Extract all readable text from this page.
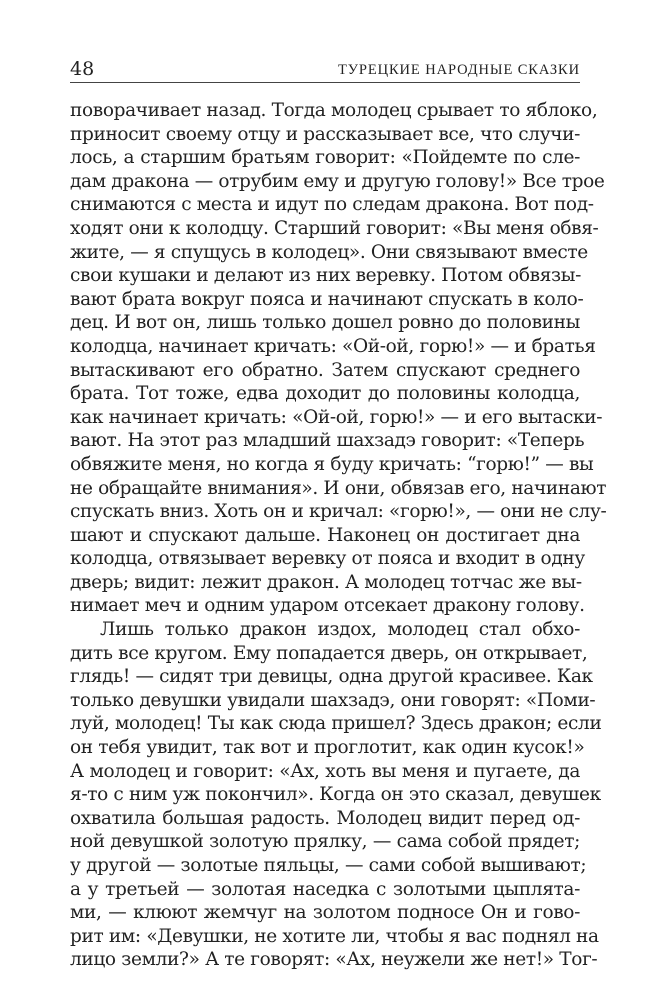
48	ТУРЕЦКИЕ НАРОДНЫЕ СКАЗКИ
поворачивает назад. Тогда молодец срывает то яблоко,
приносит своему отцу и рассказывает все, что случи-
лось, а старшим братьям говорит: «Пойдемте по сле-
дам дракона — отрубим ему и другую голову!» Все трое
снимаются с места и идут по следам дракона. Вот под-
ходят они к колодцу. Старший говорит: «Вы меня обвя-
жите, — я спущусь в колодец». Они связывают вместе
свои кушаки и делают из них веревку. Потом обвязы-
вают брата вокруг пояса и начинают спускать в коло-
дец. И вот он, лишь только дошел ровно до половины
колодца, начинает кричать: «Ой-ой, горю!» — и братья
вытаскивают его обратно. Затем спускают среднего
брата. Тот тоже, едва доходит до половины колодца,
как начинает кричать: «Ой-ой, горю!» — и его вытаски-
вают. На этот раз младший шахзадэ говорит: «Теперь
обвяжите меня, но когда я буду кричать: “горю!” — вы
не обращайте внимания». И они, обвязав его, начинают
спускать вниз. Хоть он и кричал: «горю!», — они не слу-
шают и спускают дальше. Наконец он достигает дна
колодца, отвязывает веревку от пояса и входит в одну
дверь; видит: лежит дракон. А молодец тотчас же вы-
нимает меч и одним ударом отсекает дракону голову.
Лишь только дракон издох, молодец стал обхо-
дить все кругом. Ему попадается дверь, он открывает,
глядь! — сидят три девицы, одна другой красивее. Как
только девушки увидали шахзадэ, они говорят: «Поми-
луй, молодец! Ты как сюда пришел? Здесь дракон; если
он тебя увидит, так вот и проглотит, как один кусок!»
А молодец и говорит: «Ах, хоть вы меня и пугаете, да
я-то с ним уж покончил». Когда он это сказал, девушек
охватила большая радость. Молодец видит перед од-
ной девушкой золотую прялку, — сама собой прядет;
у другой — золотые пяльцы, — сами собой вышивают;
а у третьей — золотая наседка с золотыми цыплята-
ми, — клюют жемчуг на золотом подносе Он и гово-
рит им: «Девушки, не хотите ли, чтобы я вас поднял на
лицо земли?» А те говорят: «Ах, неужели же нет!» Тог-
